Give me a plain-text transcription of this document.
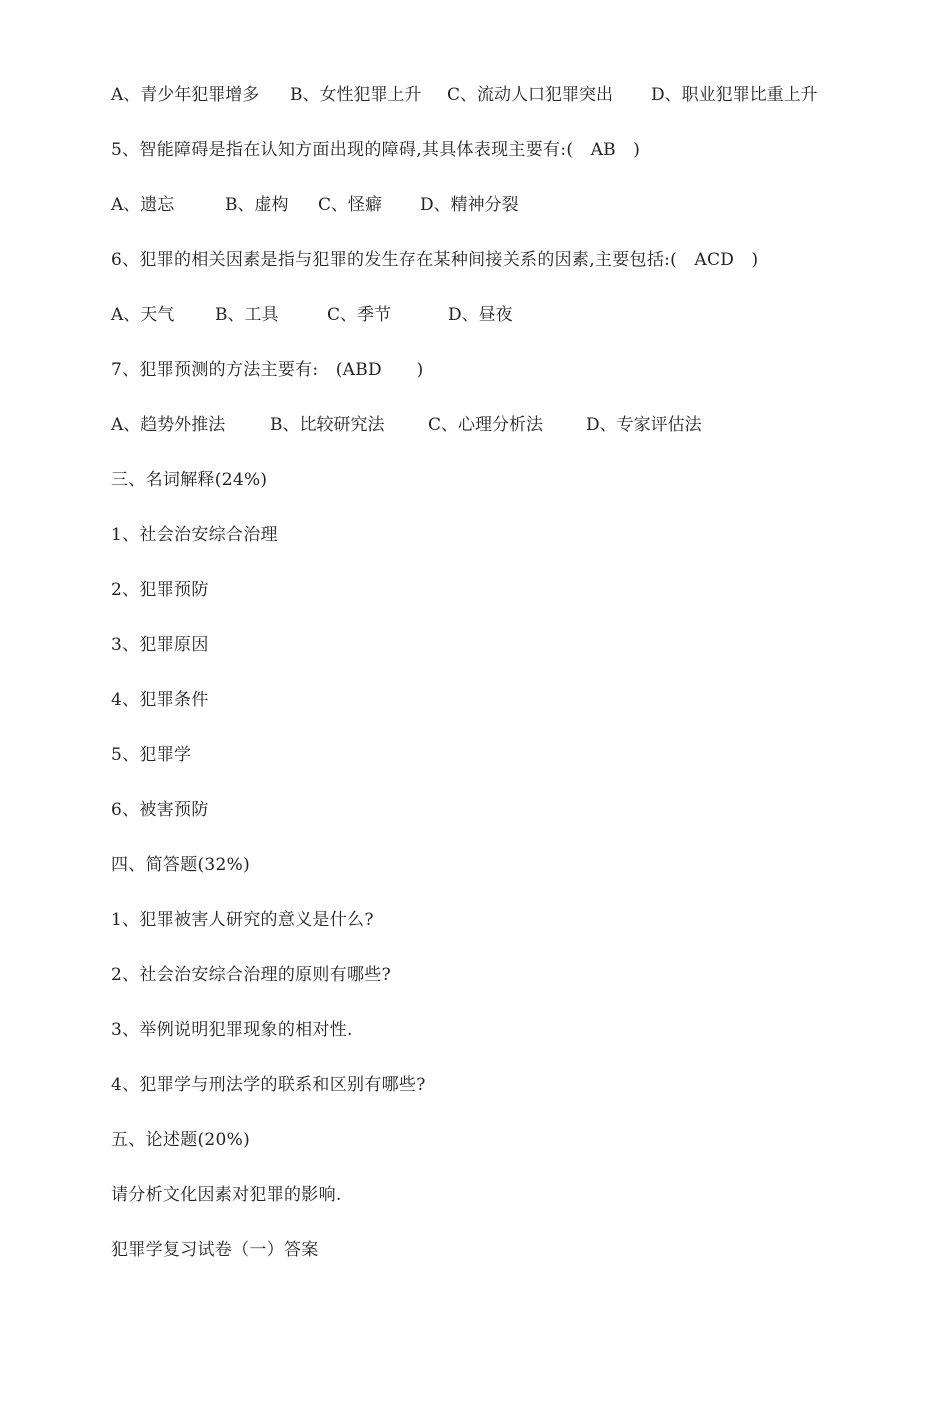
A、青少年犯罪增多 B、女性犯罪上升 C、流动人口犯罪突出 D、职业犯罪比重上升
5、智能障碍是指在认知方面出现的障碍,其具体表现主要有:(　AB　)
A、遗忘	B、虚构 C、怪癖 D、精神分裂
6、犯罪的相关因素是指与犯罪的发生存在某种间接关系的因素,主要包括:(　ACD　)
A、天气 B、工具	C、季节	D、昼夜
7、犯罪预测的方法主要有:　(ABD　　)
A、趋势外推法	B、比较研究法	C、心理分析法	D、专家评估法
三、名词解释(24%)
1、社会治安综合治理
2、犯罪预防
3、犯罪原因
4、犯罪条件
5、犯罪学
6、被害预防
四、简答题(32%)
1、犯罪被害人研究的意义是什么?
2、社会治安综合治理的原则有哪些?
3、举例说明犯罪现象的相对性.
4、犯罪学与刑法学的联系和区别有哪些?
五、论述题(20%)
请分析文化因素对犯罪的影响.
犯罪学复习试卷（一）答案
